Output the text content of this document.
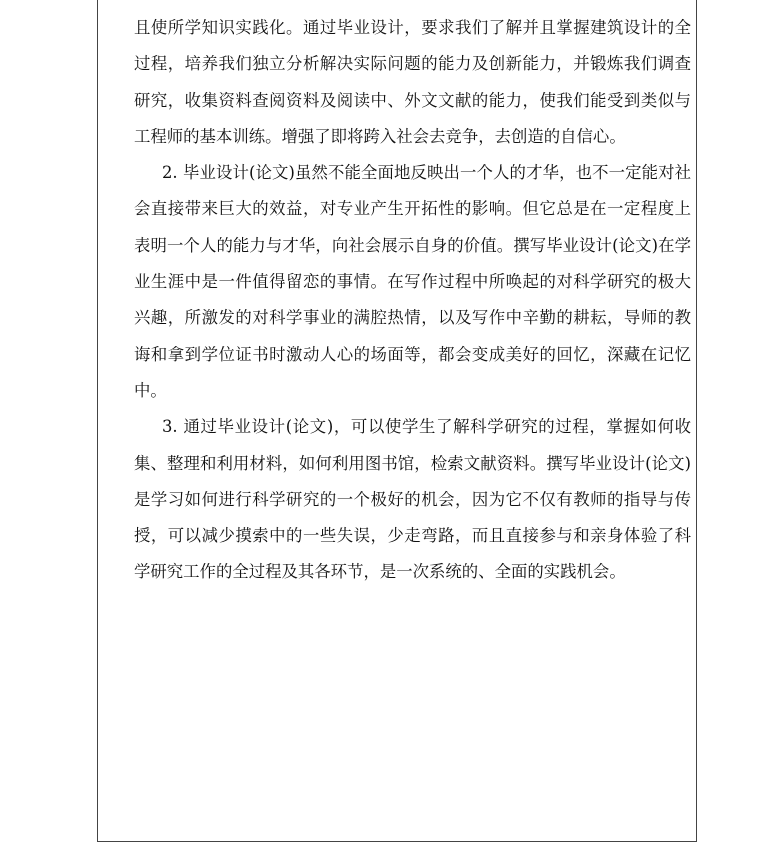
且使所学知识实践化。通过毕业设计，要求我们了解并且掌握建筑设计的全过程，培养我们独立分析解决实际问题的能力及创新能力，并锻炼我们调查研究，收集资料查阅资料及阅读中、外文文献的能力，使我们能受到类似与工程师的基本训练。增强了即将跨入社会去竞争，去创造的自信心。

2. 毕业设计(论文)虽然不能全面地反映出一个人的才华，也不一定能对社会直接带来巨大的效益，对专业产生开拓性的影响。但它总是在一定程度上表明一个人的能力与才华，向社会展示自身的价值。撰写毕业设计(论文)在学业生涯中是一件值得留恋的事情。在写作过程中所唤起的对科学研究的极大兴趣，所激发的对科学事业的满腔热情，以及写作中辛勤的耕耘，导师的教诲和拿到学位证书时激动人心的场面等，都会变成美好的回忆，深藏在记忆中。

3. 通过毕业设计(论文)，可以使学生了解科学研究的过程，掌握如何收集、整理和利用材料，如何利用图书馆，检索文献资料。撰写毕业设计(论文)是学习如何进行科学研究的一个极好的机会，因为它不仅有教师的指导与传授，可以减少摸索中的一些失误，少走弯路，而且直接参与和亲身体验了科学研究工作的全过程及其各环节，是一次系统的、全面的实践机会。
